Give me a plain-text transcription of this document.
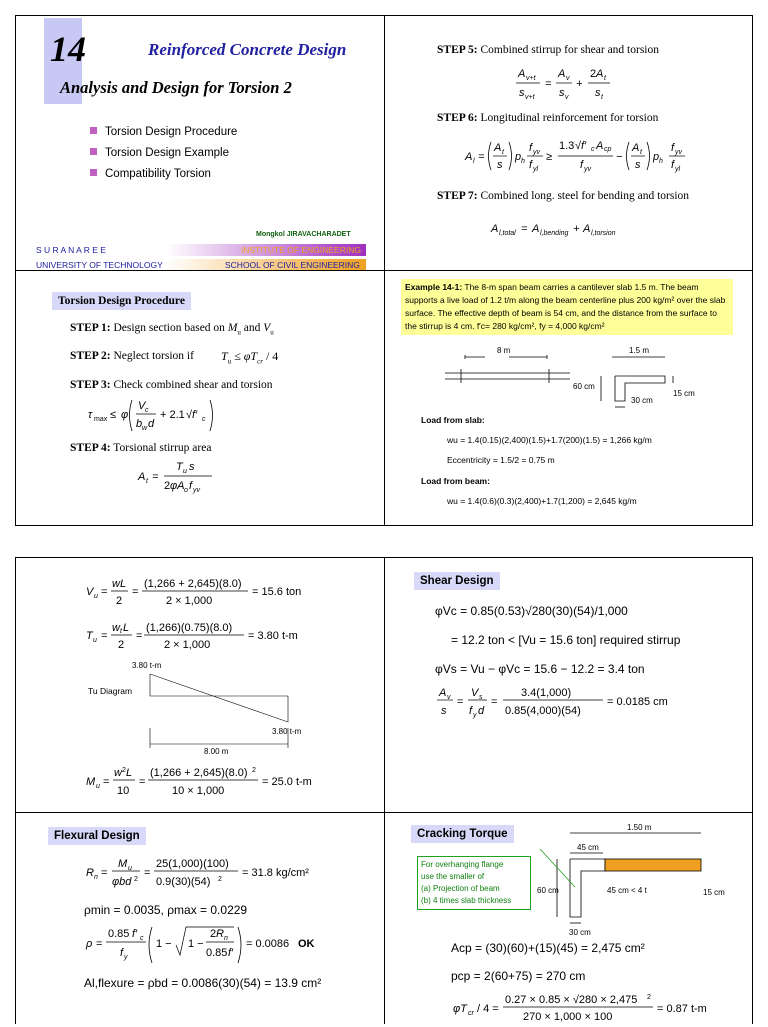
14	Reinforced Concrete Design
Analysis and Design for Torsion 2
Torsion Design Procedure
Torsion Design Example
Compatibility Torsion
Mongkol JIRAVACHARADET
S U R A N A R E E
UNIVERSITY OF TECHNOLOGY
INSTITUTE OF ENGINEERING
SCHOOL OF CIVIL ENGINEERING
STEP 5: Combined stirrup for shear and torsion
A v+t
s v+t
=
A v
s v
+
2 A t
s t
STEP 6: Longitudinal reinforcement for torsion
A l =
A t
s
p h
f yv
f yl
≥
1.3 √f′ c A cp
f yv
−
A t
s
p h
f yv
f yl
STEP 7: Combined long. steel for bending and torsion
A l,total = A l,bending + A l,torsion
Torsion Design Procedure
STEP 1: Design section based on $M_u$ and $V_u$
STEP 2: Neglect torsion if $T_u \le \varphi T_{cr} / 4$
STEP 3: Check combined shear and torsion
τ max ≤ φ
V c
b w d
+ 2.1 √f′ c
STEP 4: Torsional stirrup area
A t =
T u s
2 φA o f yv
Example 14-1: The 8-m span beam carries a cantilever slab 1.5 m. The beam supports a live load of 1.2 t/m along the beam centerline plus 200 kg/m² over the slab surface. The effective depth of beam is 54 cm, and the distance from the surface to the stirrup is 4 cm. f′c= 280 kg/cm², fy = 4,000 kg/cm²
8 m	1.5 m
60 cm
30 cm
15 cm
Load from slab:
wu = 1.4(0.15)(2,400)(1.5)+1.7(200)(1.5) = 1,266 kg/m
Eccentricity = 1.5/2 = 0.75 m
Load from beam:
wu = 1.4(0.6)(0.3)(2,400)+1.7(1,200) = 2,645 kg/m
V u =
wL
2
=
(1,266 + 2,645)(8.0)
2 × 1,000
= 15.6 ton
T u =
w t L
2
=
(1,266)(0.75)(8.0)
2 × 1,000
= 3.80 t-m
3.80 t-m
Tu Diagram
3.80 t-m
8.00 m
M u =
w 2 L
10
=
(1,266 + 2,645)(8.0) 2
10 × 1,000
= 25.0 t-m
Shear Design
φVc = 0.85(0.53)√280(30)(54)/1,000
= 12.2 ton < [Vu = 15.6 ton] required stirrup
φVs = Vu − φVc = 15.6 − 12.2 = 3.4 ton
A v
s
=
V s
f y d
=
3.4(1,000)
0.85(4,000)(54)
= 0.0185 cm
Flexural Design
R n =
M u
φbd 2
=
25(1,000)(100)
0.9(30)(54) 2
= 31.8 kg/cm²
ρmin = 0.0035, ρmax = 0.0229
ρ =
0.85 f′ c
f y
1 − 1 −
2 R n
0.85 f′
= 0.0086 OK
Al,flexure = ρbd = 0.0086(30)(54) = 13.9 cm²
Cracking Torque
For overhanging flange
use the smaller of
(a) Projection of beam
(b) 4 times slab thickness
1.50 m
45 cm
60 cm	45 cm < 4 t	15 cm
30 cm
Acp = (30)(60)+(15)(45) = 2,475 cm²
pcp = 2(60+75) = 270 cm
φT cr / 4 =
0.27 × 0.85 × √280 × 2,475 2
270 × 1,000 × 100
= 0.87 t-m
